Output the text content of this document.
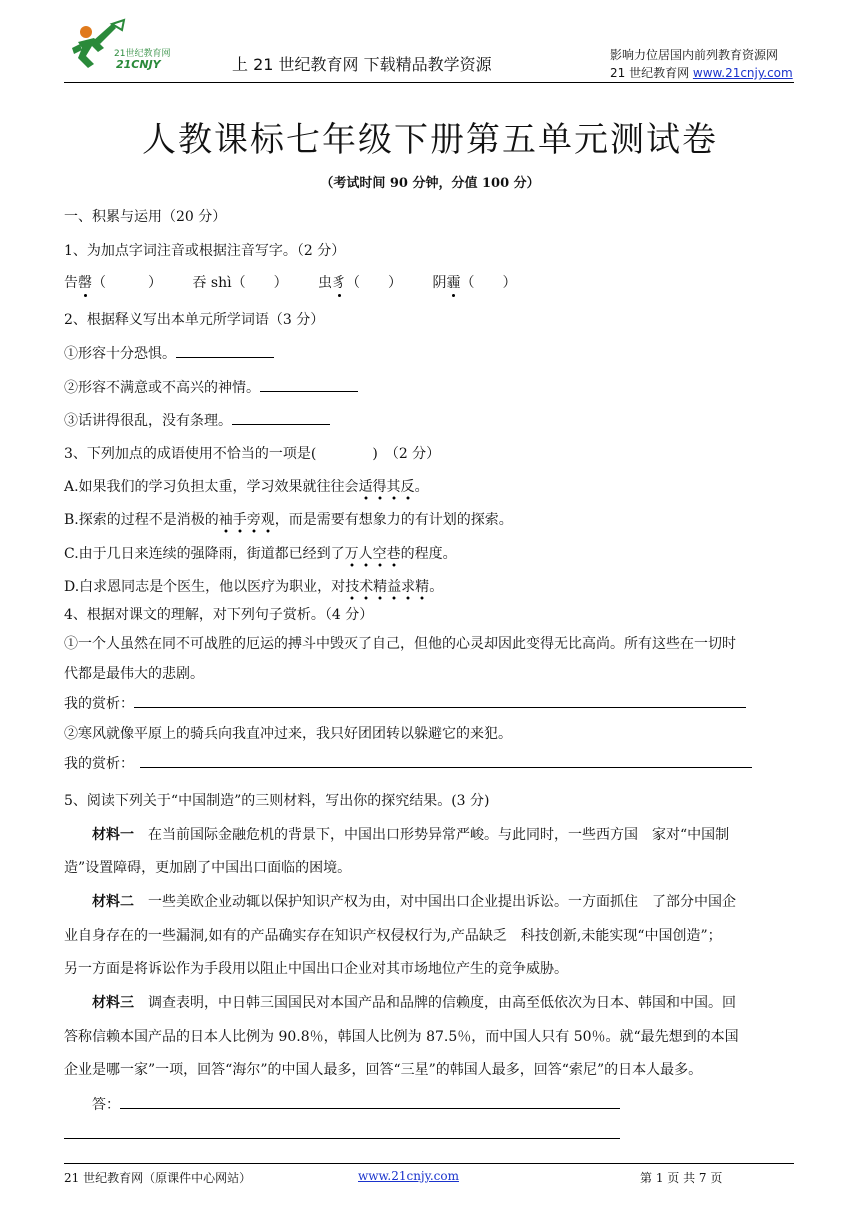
21世纪教育网
21CNJY	上 21 世纪教育网 下载精品教学资源	影响力位居国内前列教育资源网
21 世纪教育网 www.21cnjy.com
人教课标七年级下册第五单元测试卷
（考试时间 90 分钟，分值 100 分）
一、积累与运用（20 分）
1、为加点字词注音或根据注音写字。（2 分）
告罄（　　　） 吞 shì（　　） 虫豸（　　） 阴霾（　　）
2、根据释义写出本单元所学词语（3 分）
①形容十分恐惧。
②形容不满意或不高兴的神情。
③话讲得很乱，没有条理。
3、下列加点的成语使用不恰当的一项是(　　　　)　（2 分）
A.如果我们的学习负担太重，学习效果就往往会适得其反。
B.探索的过程不是消极的袖手旁观，而是需要有想象力的有计划的探索。
C.由于几日来连续的强降雨，街道都已经到了万人空巷的程度。
D.白求恩同志是个医生，他以医疗为职业，对技术精益求精。
4、根据对课文的理解，对下列句子赏析。（4 分）
①一个人虽然在同不可战胜的厄运的搏斗中毁灭了自己，但他的心灵却因此变得无比高尚。所有这些在一切时
代都是最伟大的悲剧。
我的赏析：
②寒风就像平原上的骑兵向我直冲过来，我只好团团转以躲避它的来犯。
我的赏析：
5、阅读下列关于“中国制造”的三则材料，写出你的探究结果。(3 分)
材料一　在当前国际金融危机的背景下，中国出口形势异常严峻。与此同时，一些西方国　家对“中国制
造”设置障碍，更加剧了中国出口面临的困境。
材料二　一些美欧企业动辄以保护知识产权为由，对中国出口企业提出诉讼。一方面抓住　了部分中国企
业自身存在的一些漏洞,如有的产品确实存在知识产权侵权行为,产品缺乏　科技创新,未能实现“中国创造”；
另一方面是将诉讼作为手段用以阻止中国出口企业对其市场地位产生的竞争威胁。
材料三　调查表明，中日韩三国国民对本国产品和品牌的信赖度，由高至低依次为日本、韩国和中国。回
答称信赖本国产品的日本人比例为 90.8％，韩国人比例为 87.5％，而中国人只有 50％。就“最先想到的本国
企业是哪一家”一项，回答“海尔”的中国人最多，回答“三星”的韩国人最多，回答“索尼”的日本人最多。
答：
21 世纪教育网（原课件中心网站）	www.21cnjy.com	第 1 页 共 7 页
